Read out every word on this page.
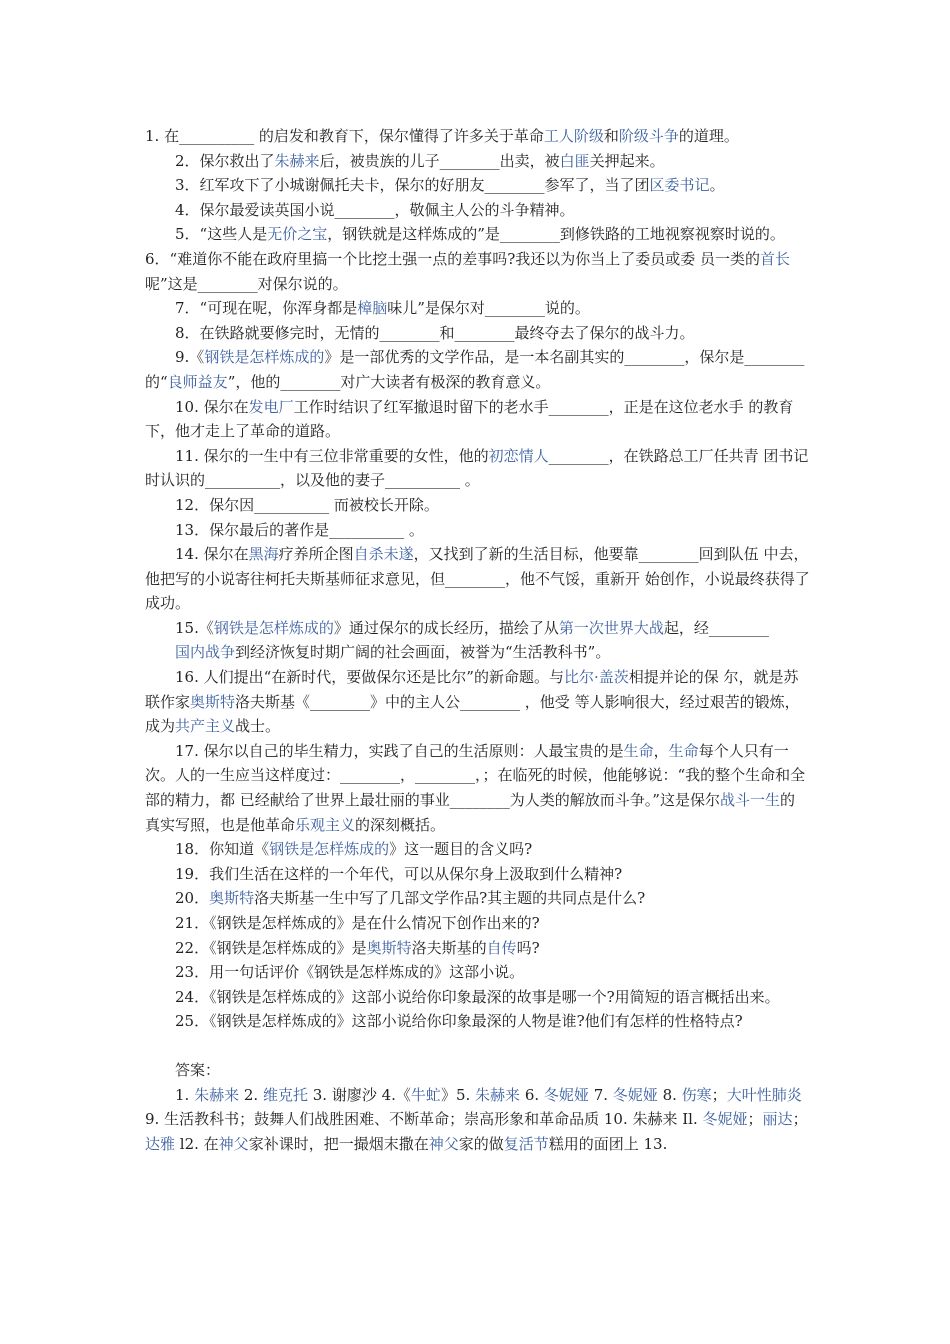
1. 在__________ 的启发和教育下，保尔懂得了许多关于革命工人阶级和阶级斗争的道理。

2．保尔救出了朱赫来后，被贵族的儿子________出卖，被白匪关押起来。

3．红军攻下了小城谢佩托夫卡，保尔的好朋友________参军了，当了团区委书记。

4．保尔最爱读英国小说________，敬佩主人公的斗争精神。

5．“这些人是无价之宝，钢铁就是这样炼成的”是________到修铁路的工地视察视察时说的。6．“难道你不能在政府里搞一个比挖土强一点的差事吗?我还以为你当上了委员或委 员一类的首长呢”这是________对保尔说的。

7．“可现在呢，你浑身都是樟脑味儿”是保尔对________说的。

8．在铁路就要修完时，无情的________和________最终夺去了保尔的战斗力。

9.《钢铁是怎样炼成的》是一部优秀的文学作品，是一本名副其实的________，保尔是________的“良师益友”，他的________对广大读者有极深的教育意义。

10. 保尔在发电厂工作时结识了红军撤退时留下的老水手________，正是在这位老水手 的教育下，他才走上了革命的道路。

11. 保尔的一生中有三位非常重要的女性，他的初恋情人________，在铁路总工厂任共青 团书记时认识的__________，以及他的妻子__________ 。

12．保尔因__________ 而被校长开除。

13．保尔最后的著作是__________ 。

14. 保尔在黑海疗养所企图自杀未遂，又找到了新的生活目标，他要靠________回到队伍 中去，他把写的小说寄往柯托夫斯基师征求意见，但________，他不气馁，重新开 始创作，小说最终获得了成功。

15.《钢铁是怎样炼成的》通过保尔的成长经历，描绘了从第一次世界大战起，经________

国内战争到经济恢复时期广阔的社会画面，被誉为“生活教科书”。

16. 人们提出“在新时代，要做保尔还是比尔”的新命题。与比尔·盖茨相提并论的保 尔，就是苏联作家奥斯特洛夫斯基《________》中的主人公________ ，他受 等人影响很大，经过艰苦的锻炼，成为共产主义战士。

17. 保尔以自己的毕生精力，实践了自己的生活原则：人最宝贵的是生命，生命每个人只有一次。人的一生应当这样度过：________，________，；在临死的时候，他能够说：“我的整个生命和全部的精力，都 已经献给了世界上最壮丽的事业________为人类的解放而斗争。”这是保尔战斗一生的 真实写照，也是他革命乐观主义的深刻概括。

18．你知道《钢铁是怎样炼成的》这一题目的含义吗?

19．我们生活在这样的一个年代，可以从保尔身上汲取到什么精神?

20．奥斯特洛夫斯基一生中写了几部文学作品?其主题的共同点是什么?

21．《钢铁是怎样炼成的》是在什么情况下创作出来的?

22．《钢铁是怎样炼成的》是奥斯特洛夫斯基的自传吗?

23．用一句话评价《钢铁是怎样炼成的》这部小说。

24．《钢铁是怎样炼成的》这部小说给你印象最深的故事是哪一个?用简短的语言概括出来。

25．《钢铁是怎样炼成的》这部小说给你印象最深的人物是谁?他们有怎样的性格特点?

答案：

1. 朱赫来 2. 维克托 3. 谢廖沙 4.《牛虻》5. 朱赫来 6. 冬妮娅 7. 冬妮娅 8. 伤寒；大叶性肺炎 9. 生活教科书；鼓舞人们战胜困难、不断革命；崇高形象和革命品质 10. 朱赫来 Il. 冬妮娅；丽达；达雅 l2. 在神父家补课时，把一撮烟末撒在神父家的做复活节糕用的面团上 13.
